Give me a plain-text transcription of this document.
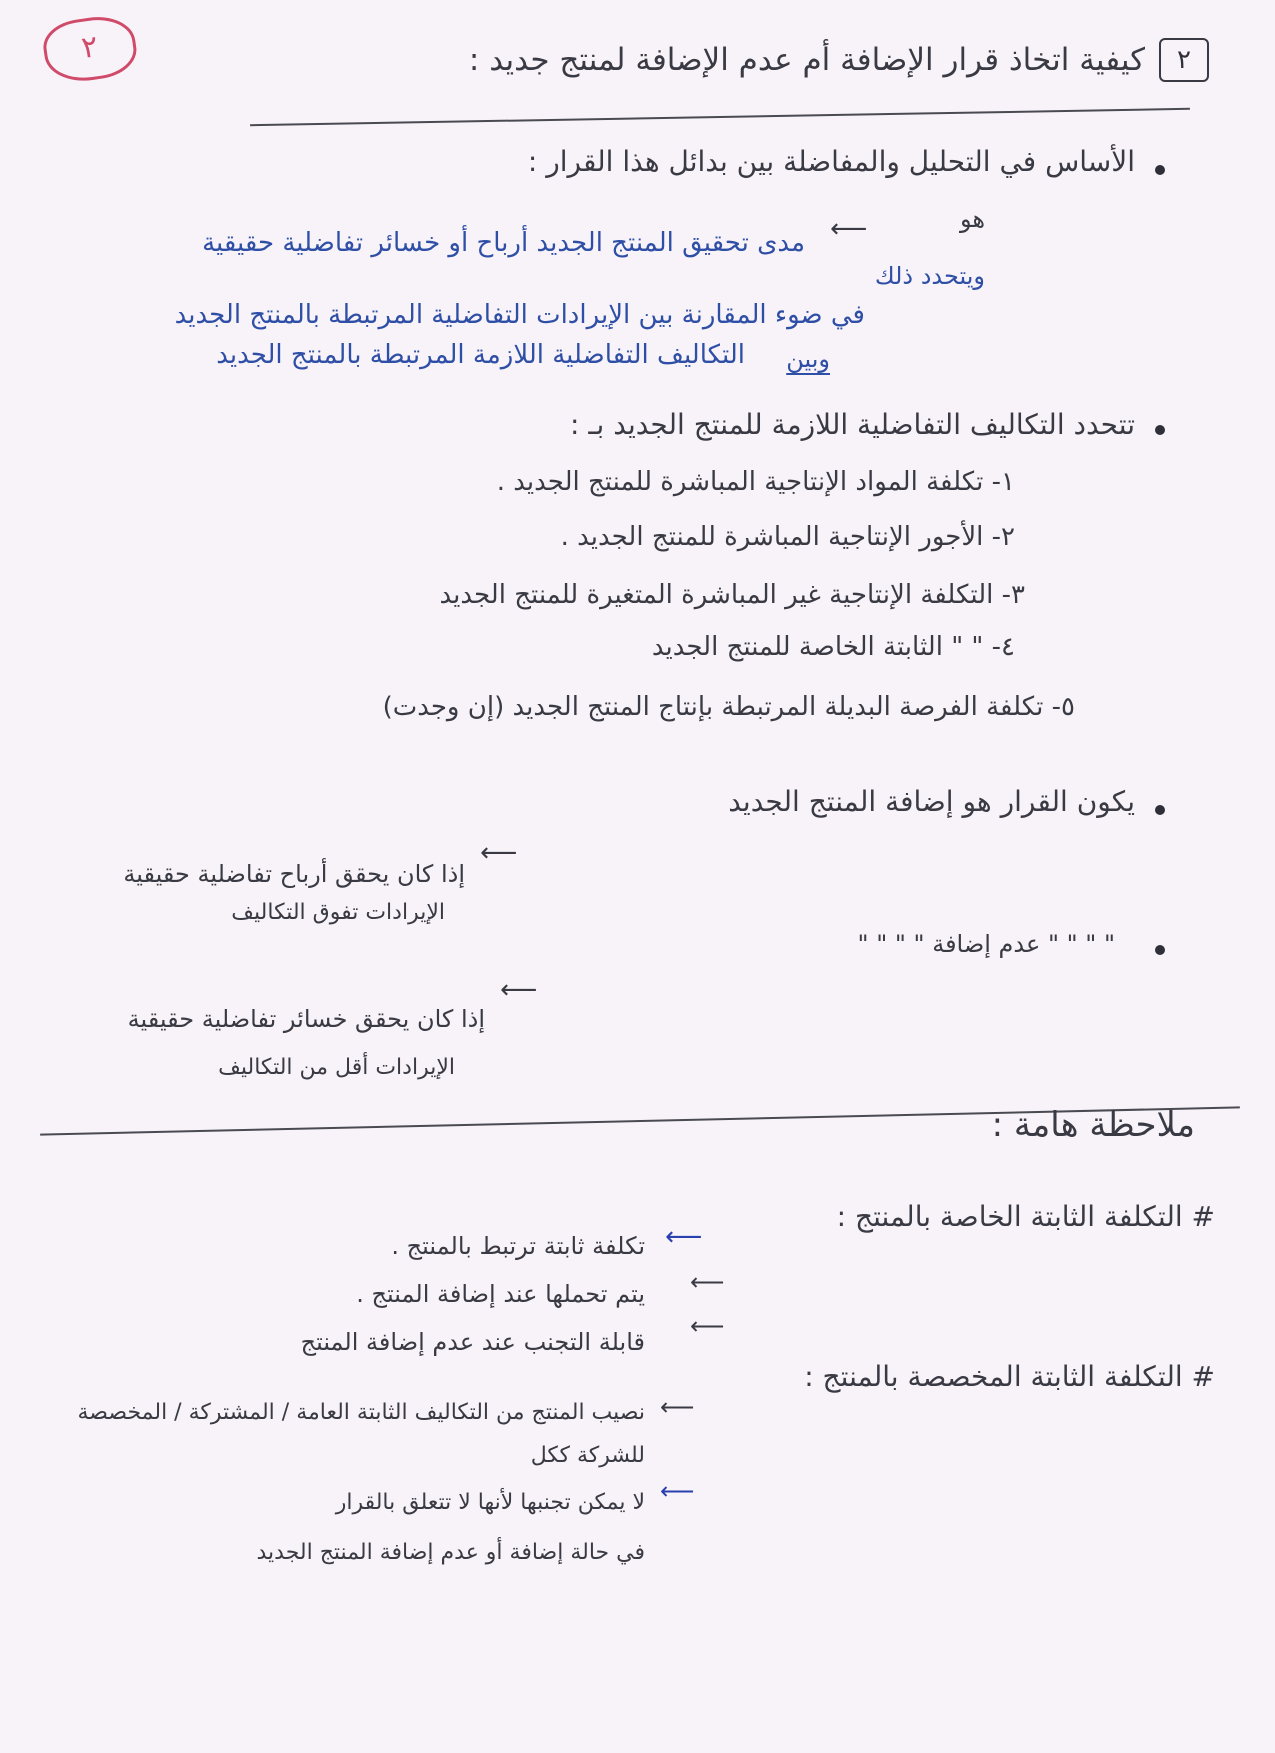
٢	٢
كيفية اتخاذ قرار الإضافة أم عدم الإضافة لمنتج جديد :
الأساس في التحليل والمفاضلة بين بدائل هذا القرار :
هو
⟵
مدى تحقيق المنتج الجديد أرباح أو خسائر تفاضلية حقيقية
ويتحدد ذلك
في ضوء المقارنة بين الإيرادات التفاضلية المرتبطة بالمنتج الجديد
وبين
التكاليف التفاضلية اللازمة المرتبطة بالمنتج الجديد
تتحدد التكاليف التفاضلية اللازمة للمنتج الجديد بـ :
١- تكلفة المواد الإنتاجية المباشرة للمنتج الجديد .
٢- الأجور الإنتاجية المباشرة للمنتج الجديد .
٣- التكلفة الإنتاجية غير المباشرة المتغيرة للمنتج الجديد
٤- " " الثابتة الخاصة للمنتج الجديد
٥- تكلفة الفرصة البديلة المرتبطة بإنتاج المنتج الجديد (إن وجدت)
يكون القرار هو إضافة المنتج الجديد
⟵
إذا كان يحقق أرباح تفاضلية حقيقية
الإيرادات تفوق التكاليف
" " " " عدم إضافة " " " "
⟵
إذا كان يحقق خسائر تفاضلية حقيقية
الإيرادات أقل من التكاليف
ملاحظة هامة :
# التكلفة الثابتة الخاصة بالمنتج :
⟵
تكلفة ثابتة ترتبط بالمنتج .
⟵
يتم تحملها عند إضافة المنتج .
⟵
قابلة التجنب عند عدم إضافة المنتج
# التكلفة الثابتة المخصصة بالمنتج :
⟵
نصيب المنتج من التكاليف الثابتة العامة / المشتركة / المخصصة
للشركة ككل
⟵
لا يمكن تجنبها لأنها لا تتعلق بالقرار
في حالة إضافة أو عدم إضافة المنتج الجديد
